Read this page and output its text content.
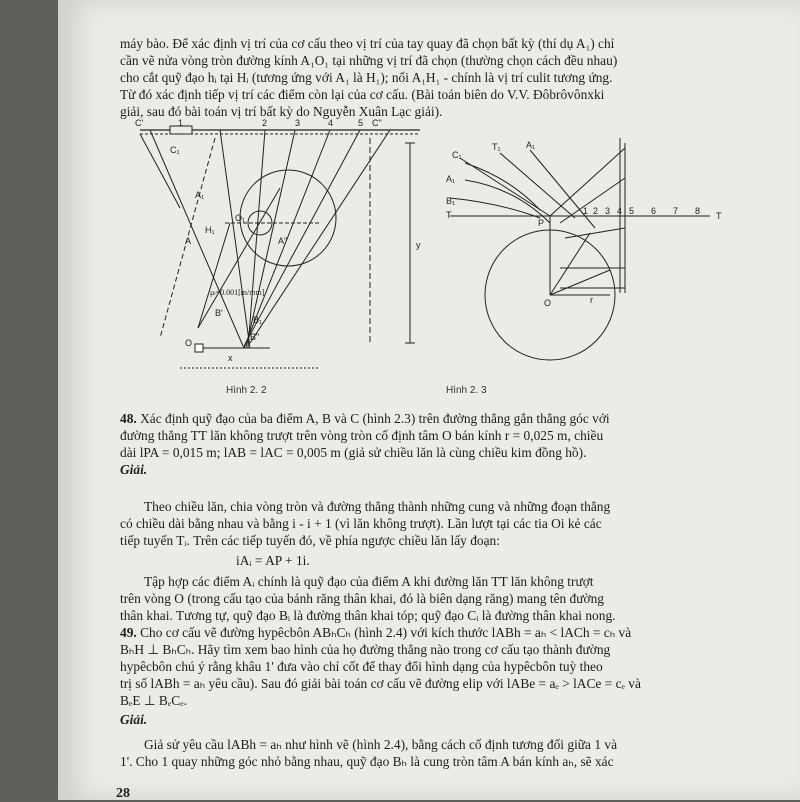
máy bào. Để xác định vị trí của cơ cấu theo vị trí của tay quay đã chọn bất kỳ (thí dụ A₁) chỉ
cần vẽ nửa vòng tròn đường kính A₁O₁ tại những vị trí đã chọn (thường chọn cách đều nhau)
cho cắt quỹ đạo hᵢ tại Hᵢ (tương ứng với A₁ là H₁); nối A₁H₁ - chính là vị trí culit tương ứng.
Từ đó xác định tiếp vị trí các điểm còn lại của cơ cấu. (Bài toán biên do V.V. Đôbrôvônxki
giải, sau đó bài toán vị trí bất kỳ do Nguyễn Xuân Lạc giải).
μₗ=0.001[m/mm]
C'	1	2	3	4	5 C"
C₁
A₁
H₁
O₁
A	A"
B'
B₁
B"
O
x
y
C₁
T₁	A₁
A₁
B₁
T
P
O	r
T
1 2 3 4 5 6 7 8
Hình 2. 2	Hình 2. 3
48. Xác định quỹ đạo của ba điểm A, B và C (hình 2.3) trên đường thẳng gắn thẳng góc với
đường thẳng TT lăn không trượt trên vòng tròn cố định tâm O bán kính r = 0,025 m, chiều
dài lPA = 0,015 m; lAB = lAC = 0,005 m (giả sử chiều lăn là cùng chiều kim đồng hồ).
Giải.
Theo chiều lăn, chia vòng tròn và đường thẳng thành những cung và những đoạn thẳng
có chiều dài bằng nhau và bằng i - i + 1 (vì lăn không trượt). Lần lượt tại các tia Oi kẻ các
tiếp tuyến Tᵢ. Trên các tiếp tuyến đó, về phía ngược chiều lăn lấy đoạn:
iAᵢ = AP + 1i.
Tập hợp các điểm Aᵢ chính là quỹ đạo của điểm A khi đường lăn TT lăn không trượt
trên vòng O (trong cấu tạo của bánh răng thân khai, đó là biên dạng răng) mang tên đường
thân khai. Tương tự, quỹ đạo Bᵢ là đường thân khai tóp; quỹ đạo Cᵢ là đường thân khai nong.
49. Cho cơ cấu vẽ đường hypêcbôn ABₕCₕ (hình 2.4) với kích thước lABh = aₕ < lACh = cₕ và
BₕH ⊥ BₕCₕ. Hãy tìm xem bao hình của họ đường thẳng nào trong cơ cấu tạo thành đường
hypêcbôn chú ý rằng khâu 1' đưa vào chỉ cốt để thay đổi hình dạng của hypêcbôn tuỳ theo
trị số lABh = aₕ yêu cầu). Sau đó giải bài toán cơ cấu vẽ đường elip với lABe = aₑ > lACe = cₑ và
BₑE ⊥ BₑCₑ.
Giải.
Giả sử yêu cầu lABh = aₕ như hình vẽ (hình 2.4), bằng cách cố định tương đối giữa 1 và
1'. Cho 1 quay những góc nhỏ bằng nhau, quỹ đạo Bₕ là cung tròn tâm A bán kính aₕ, sẽ xác
28
